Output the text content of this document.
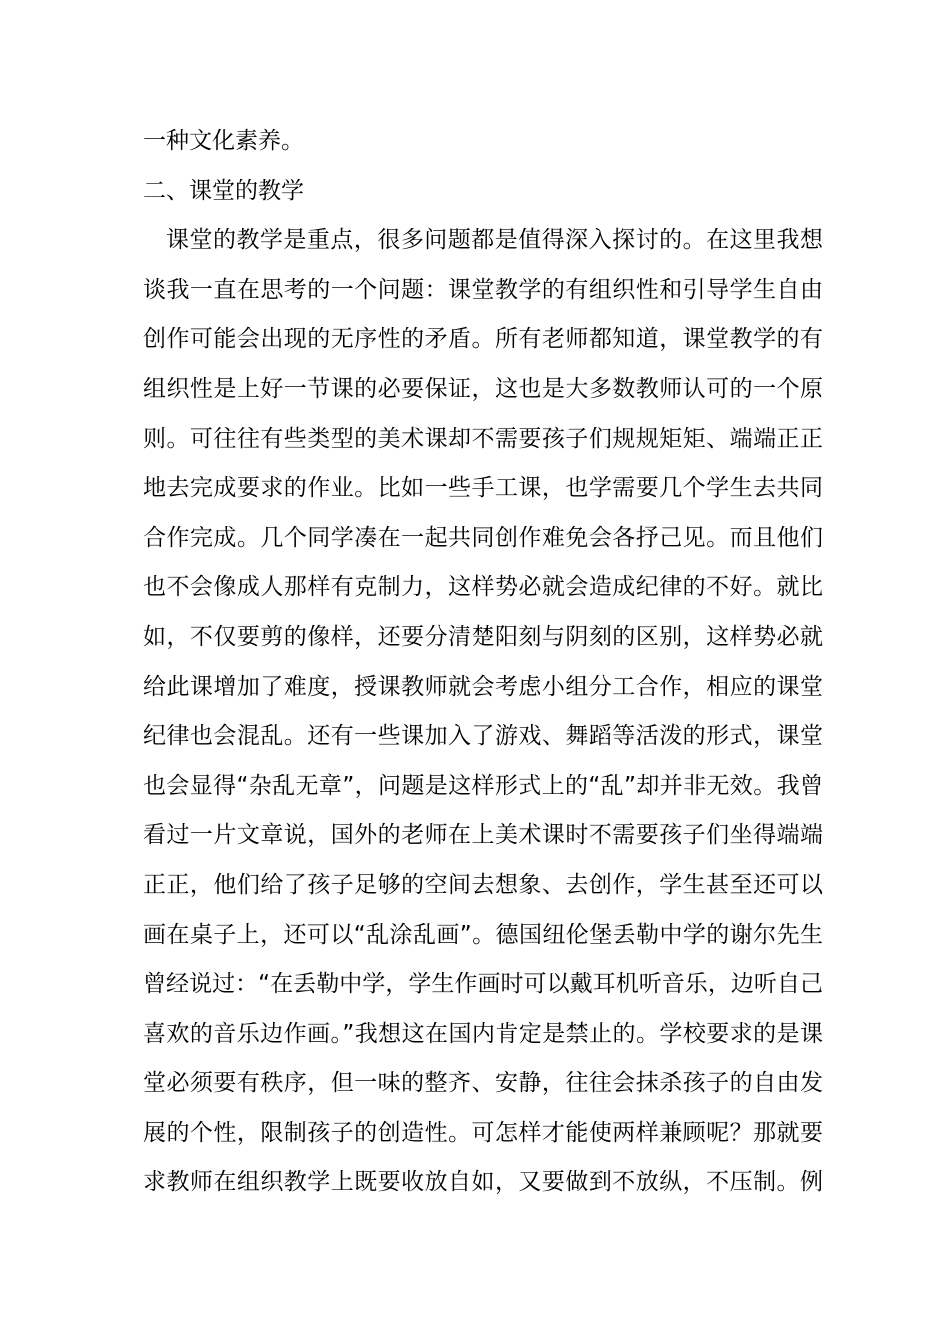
一种文化素养。
二、课堂的教学
课堂的教学是重点，很多问题都是值得深入探讨的。在这里我想
谈我一直在思考的一个问题：课堂教学的有组织性和引导学生自由
创作可能会出现的无序性的矛盾。所有老师都知道，课堂教学的有
组织性是上好一节课的必要保证，这也是大多数教师认可的一个原
则。可往往有些类型的美术课却不需要孩子们规规矩矩、端端正正
地去完成要求的作业。比如一些手工课，也学需要几个学生去共同
合作完成。几个同学凑在一起共同创作难免会各抒己见。而且他们
也不会像成人那样有克制力，这样势必就会造成纪律的不好。就比
如，不仅要剪的像样，还要分清楚阳刻与阴刻的区别，这样势必就
给此课增加了难度，授课教师就会考虑小组分工合作，相应的课堂
纪律也会混乱。还有一些课加入了游戏、舞蹈等活泼的形式，课堂
也会显得“杂乱无章”，问题是这样形式上的“乱”却并非无效。我曾
看过一片文章说，国外的老师在上美术课时不需要孩子们坐得端端
正正，他们给了孩子足够的空间去想象、去创作，学生甚至还可以
画在桌子上，还可以“乱涂乱画”。德国纽伦堡丢勒中学的谢尔先生
曾经说过：“在丢勒中学，学生作画时可以戴耳机听音乐，边听自己
喜欢的音乐边作画。”我想这在国内肯定是禁止的。学校要求的是课
堂必须要有秩序，但一味的整齐、安静，往往会抹杀孩子的自由发
展的个性，限制孩子的创造性。可怎样才能使两样兼顾呢？那就要
求教师在组织教学上既要收放自如，又要做到不放纵，不压制。例
